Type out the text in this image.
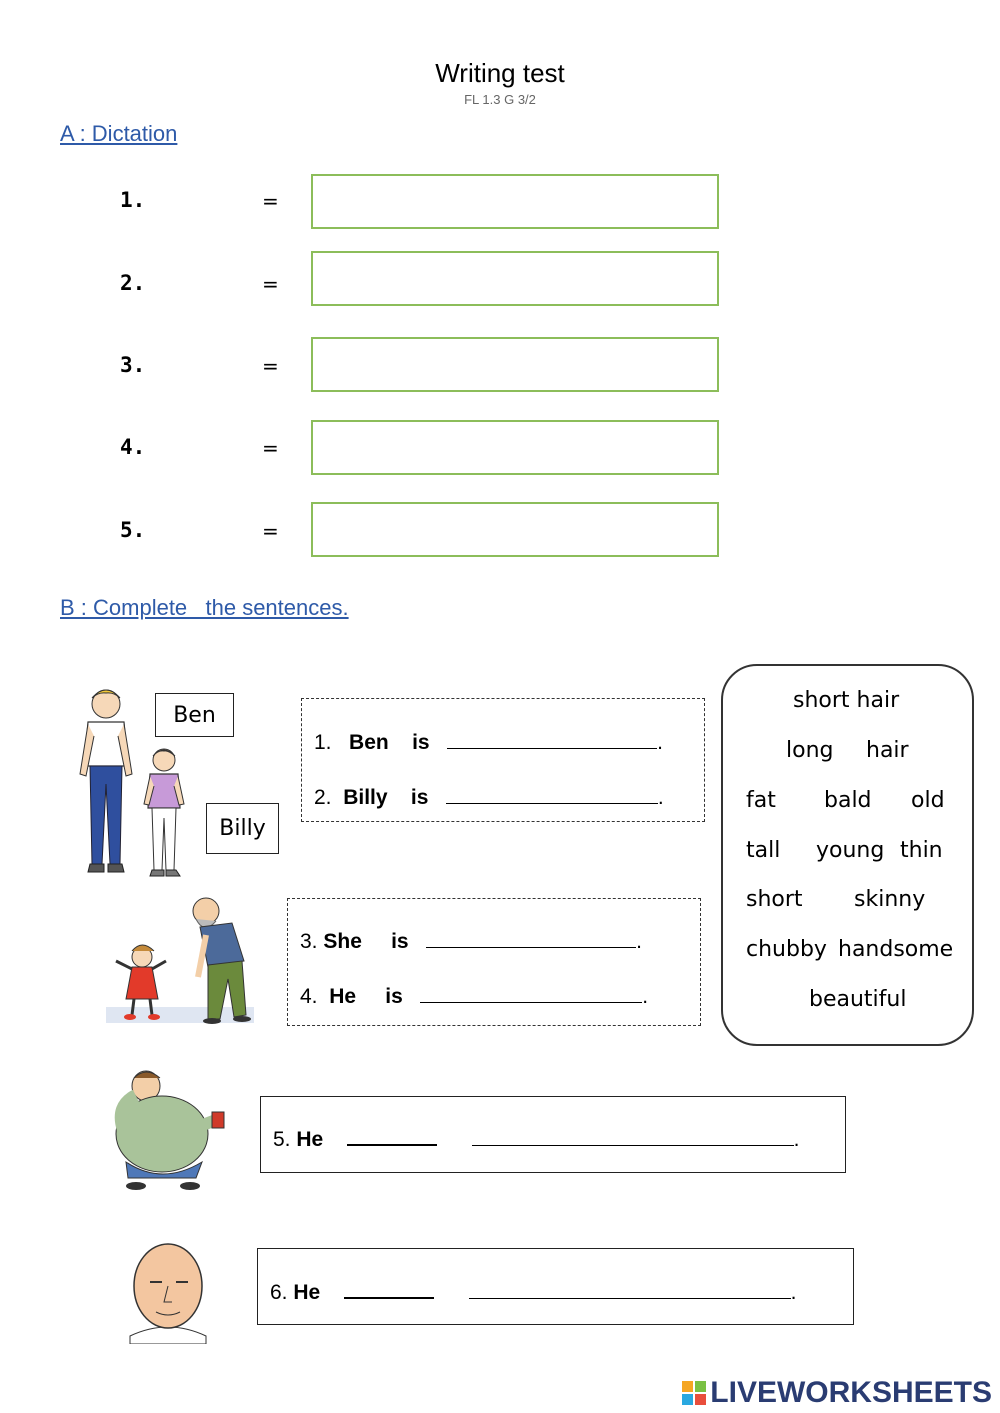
Writing test
FL 1.3 G 3/2
A : Dictation
1.	=
2.	=
3.	=
4.	=
5.	=
B : Complete   the sentences.
Ben
Billy
1. Ben is	.
2. Billy is	.
3. She is	.
4. He is	.
short hair
long hair
fat bald old
tall young thin
short skinny
chubby handsome
beautiful
5. He	.
6. He	.
LIVEWORKSHEETS
